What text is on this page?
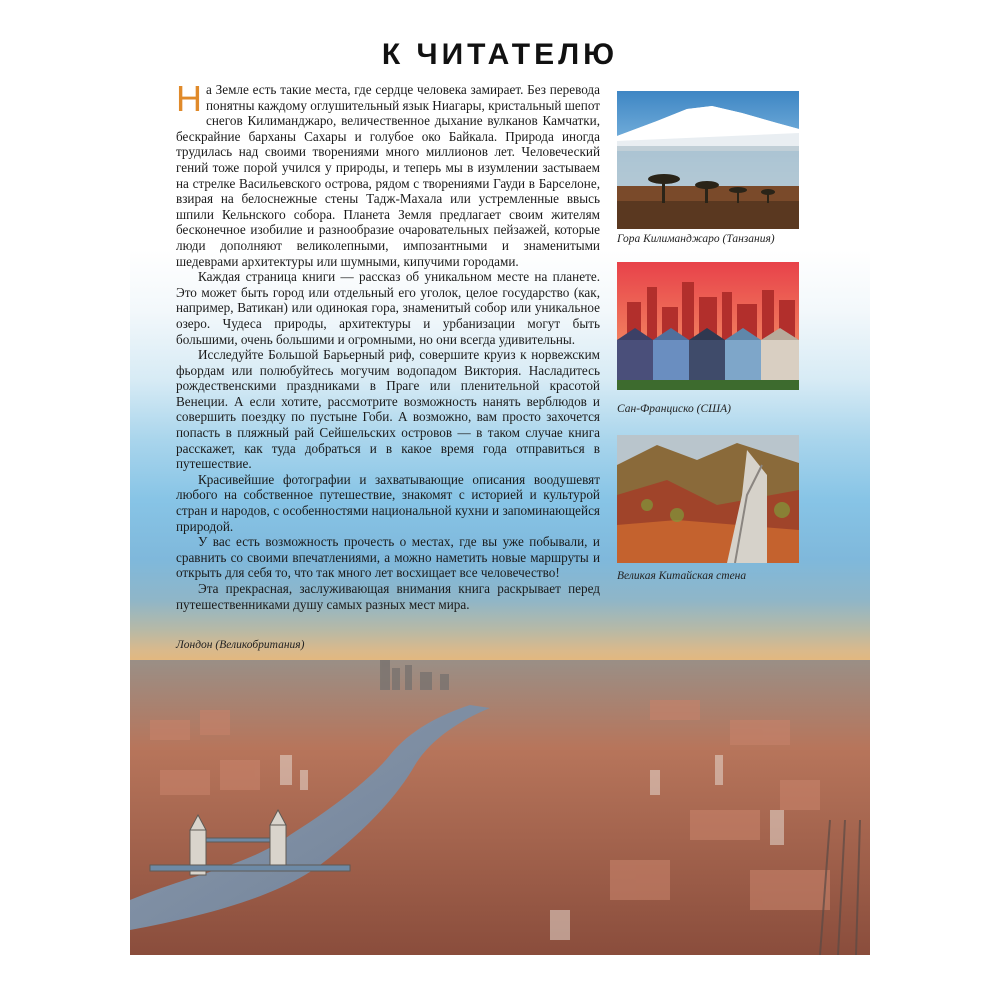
К ЧИТАТЕЛЮ

На Земле есть такие места, где сердце человека замирает. Без перевода понятны каждому оглушительный язык Ниагары, кристальный шепот снегов Килиманджаро, величественное дыхание вулканов Камчатки, бескрайние барханы Сахары и голубое око Байкала. Природа иногда трудилась над своими творениями много миллионов лет. Человеческий гений тоже порой учился у природы, и теперь мы в изумлении застываем на стрелке Васильевского острова, рядом с творениями Гауди в Барселоне, взирая на белоснежные стены Тадж-Махала или устремленные ввысь шпили Кельнского собора. Планета Земля предлагает своим жителям бесконечное изобилие и разнообразие очаровательных пейзажей, которые люди дополняют великолепными, импозантными и знаменитыми шедеврами архитектуры или шумными, кипучими городами.

Каждая страница книги — рассказ об уникальном месте на планете. Это может быть город или отдельный его уголок, целое государство (как, например, Ватикан) или одинокая гора, знаменитый собор или уникальное озеро. Чудеса природы, архитектуры и урбанизации могут быть большими, очень большими и огромными, но они всегда удивительны.

Исследуйте Большой Барьерный риф, совершите круиз к норвежским фьордам или полюбуйтесь могучим водопадом Виктория. Насладитесь рождественскими праздниками в Праге или пленительной красотой Венеции. А если хотите, рассмотрите возможность нанять верблюдов и совершить поездку по пустыне Гоби. А возможно, вам просто захочется попасть в пляжный рай Сейшельских островов — в таком случае книга расскажет, как туда добраться и в какое время года отправиться в путешествие.

Красивейшие фотографии и захватывающие описания воодушевят любого на собственное путешествие, знакомят с историей и культурой стран и народов, с особенностями национальной кухни и запоминающейся природой.

У вас есть возможность прочесть о местах, где вы уже побывали, и сравнить со своими впечатлениями, а можно наметить новые маршруты и открыть для себя то, что так много лет восхищает все человечество!

Эта прекрасная, заслуживающая внимания книга раскрывает перед путешественниками душу самых разных мест мира.

Гора Килиманджаро (Танзания)
Сан-Франциско (США)
Великая Китайская стена
Лондон (Великобритания)
